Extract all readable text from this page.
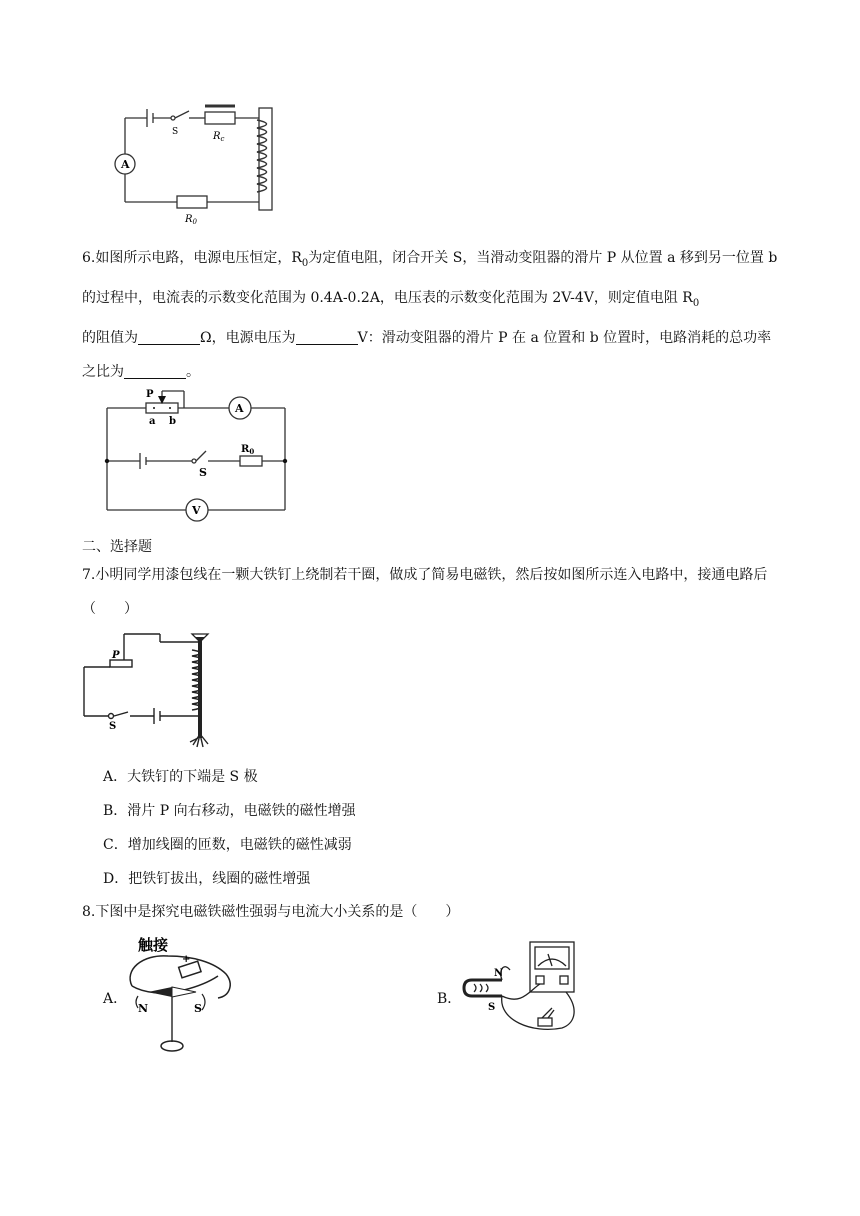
A
S	$R_c$
$R_0$
6.如图所示电路，电源电压恒定，$R_0$为定值电阻，闭合开关 S，当滑动变阻器的滑片 P 从位置 a 移到另一位置 b 的过程中，电流表的示数变化范围为 0.4A-0.2A，电压表的示数变化范围为 2V-4V，则定值电阻 $R_0$
的阻值为	Ω，电源电压为	V：滑动变阻器的滑片 P 在 a 位置和 b 位置时，电路消耗的总功率之比为	。
P
a b
A
V
S
$R_0$
二、选择题
7.小明同学用漆包线在一颗大铁钉上绕制若干圈，做成了简易电磁铁，然后按如图所示连入电路中，接通电路后（　　）
P
S
A．大铁钉的下端是 S 极
B．滑片 P 向右移动，电磁铁的磁性增强
C．增加线圈的匝数，电磁铁的磁性减弱
D．把铁钉拔出，线圈的磁性增强
8.下图中是探究电磁铁磁性强弱与电流大小关系的是（　　）
A．
触接
+
N	S
B．
N
S
